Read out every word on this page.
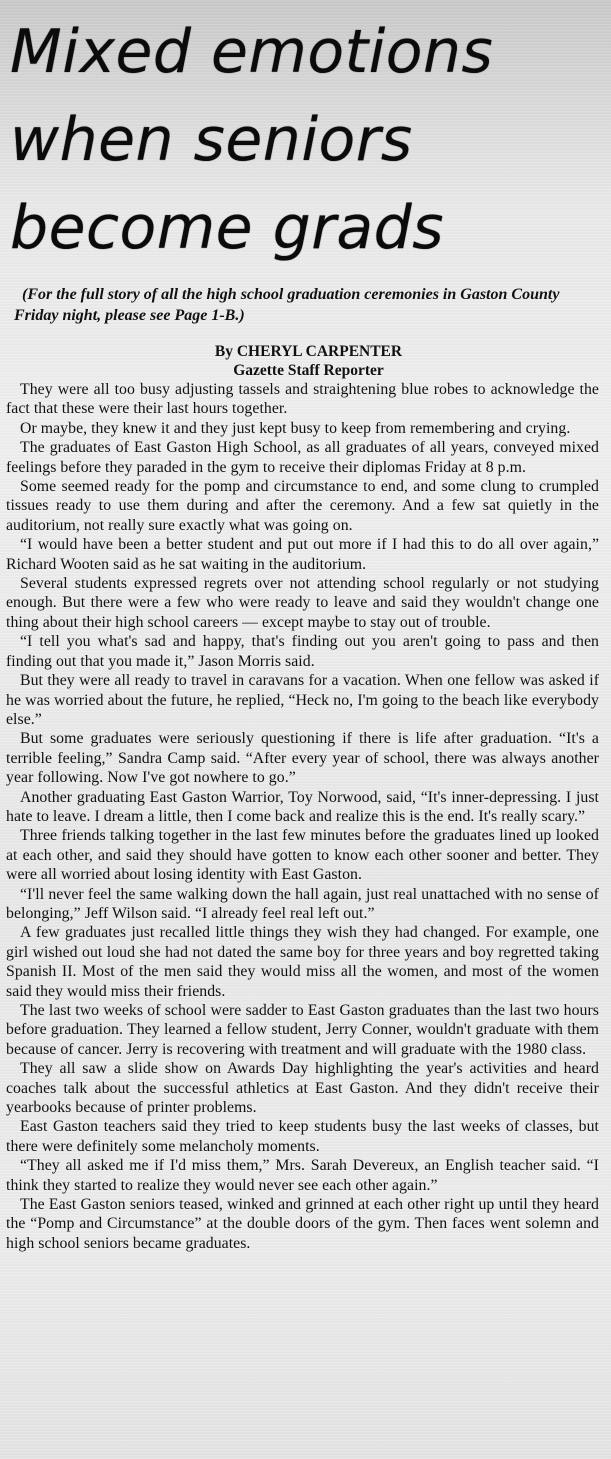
Mixed emotions
when seniors
become grads
(For the full story of all the high school graduation ceremonies in Gaston County Friday night, please see Page 1-B.)
By CHERYL CARPENTER
Gazette Staff Reporter

They were all too busy adjusting tassels and straightening blue robes to acknowledge the fact that these were their last hours together.

Or maybe, they knew it and they just kept busy to keep from remembering and crying.

The graduates of East Gaston High School, as all graduates of all years, conveyed mixed feelings before they paraded in the gym to receive their diplomas Friday at 8 p.m.

Some seemed ready for the pomp and circumstance to end, and some clung to crumpled tissues ready to use them during and after the ceremony. And a few sat quietly in the auditorium, not really sure exactly what was going on.

“I would have been a better student and put out more if I had this to do all over again,” Richard Wooten said as he sat waiting in the auditorium.

Several students expressed regrets over not attending school regularly or not studying enough. But there were a few who were ready to leave and said they wouldn't change one thing about their high school careers — except maybe to stay out of trouble.

“I tell you what's sad and happy, that's finding out you aren't going to pass and then finding out that you made it,” Jason Morris said.

But they were all ready to travel in caravans for a vacation. When one fellow was asked if he was worried about the future, he replied, “Heck no, I'm going to the beach like everybody else.”

But some graduates were seriously questioning if there is life after graduation. “It's a terrible feeling,” Sandra Camp said. “After every year of school, there was always another year following. Now I've got nowhere to go.”

Another graduating East Gaston Warrior, Toy Norwood, said, “It's inner-depressing. I just hate to leave. I dream a little, then I come back and realize this is the end. It's really scary.”

Three friends talking together in the last few minutes before the graduates lined up looked at each other, and said they should have gotten to know each other sooner and better. They were all worried about losing identity with East Gaston.

“I'll never feel the same walking down the hall again, just real unattached with no sense of belonging,” Jeff Wilson said. “I already feel real left out.”

A few graduates just recalled little things they wish they had changed. For example, one girl wished out loud she had not dated the same boy for three years and boy regretted taking Spanish II. Most of the men said they would miss all the women, and most of the women said they would miss their friends.

The last two weeks of school were sadder to East Gaston graduates than the last two hours before graduation. They learned a fellow student, Jerry Conner, wouldn't graduate with them because of cancer. Jerry is recovering with treatment and will graduate with the 1980 class.

They all saw a slide show on Awards Day highlighting the year's activities and heard coaches talk about the successful athletics at East Gaston. And they didn't receive their yearbooks because of printer problems.

East Gaston teachers said they tried to keep students busy the last weeks of classes, but there were definitely some melancholy moments.

“They all asked me if I'd miss them,” Mrs. Sarah Devereux, an English teacher said. “I think they started to realize they would never see each other again.”

The East Gaston seniors teased, winked and grinned at each other right up until they heard the “Pomp and Circumstance” at the double doors of the gym. Then faces went solemn and high school seniors became graduates.
